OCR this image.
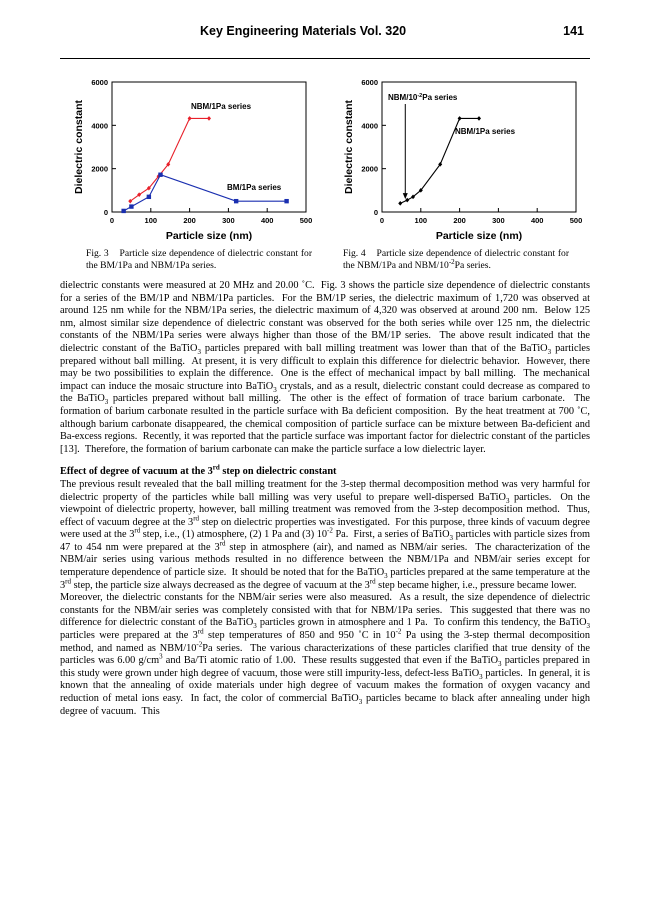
Key Engineering Materials Vol. 320	141
0	100	200	300	400	500
0
2000
4000
6000
Particle size (nm)
Dielectric constant	NBM/1Pa series
BM/1Pa series
Fig. 3 Particle size dependence of dielectric constant for the BM/1Pa and NBM/1Pa series.
0	100	200	300	400	500
0
2000
4000
6000
Particle size (nm)
Dielectric constant	NBM/1Pa series
NBM/$10^{-2}Pa$ series
Fig. 4 Particle size dependence of dielectric constant for the NBM/1Pa and NBM/$10^{-2}Pa$ series.

dielectric constants were measured at 20 MHz and 20.00 ˚C.  Fig. 3 shows the particle size dependence of dielectric constants for a series of the BM/1P and NBM/1Pa particles.  For the BM/1P series, the dielectric maximum of 1,720 was observed at around 125 nm while for the NBM/1Pa series, the dielectric maximum of 4,320 was observed at around 200 nm.  Below 125 nm, almost similar size dependence of dielectric constant was observed for the both series while over 125 nm, the dielectric constants of the NBM/1Pa series were always higher than those of the BM/1P series.  The above result indicated that the dielectric constant of the BaTiO$_3$ particles prepared with ball milling treatment was lower than that of the BaTiO$_3$ particles prepared without ball milling.  At present, it is very difficult to explain this difference for dielectric behavior.  However, there may be two possibilities to explain the difference.  One is the effect of mechanical impact by ball milling.  The mechanical impact can induce the mosaic structure into BaTiO$_3$ crystals, and as a result, dielectric constant could decrease as compared to the BaTiO$_3$ particles prepared without ball milling.  The other is the effect of formation of trace barium carbonate.  The formation of barium carbonate resulted in the particle surface with Ba deficient composition.  By the heat treatment at 700 ˚C, although barium carbonate disappeared, the chemical composition of particle surface can be mixture between Ba-deficient and Ba-excess regions.  Recently, it was reported that the particle surface was important factor for dielectric constant of the particles [13].  Therefore, the formation of barium carbonate can make the particle surface a low dielectric layer.

Effect of degree of vacuum at the 3rd step on dielectric constant

The previous result revealed that the ball milling treatment for the 3-step thermal decomposition method was very harmful for dielectric property of the particles while ball milling was very useful to prepare well-dispersed BaTiO$_3$ particles.  On the viewpoint of dielectric property, however, ball milling treatment was removed from the 3-step decomposition method.  Thus, effect of vacuum degree at the 3rd step on dielectric properties was investigated.  For this purpose, three kinds of vacuum degree were used at the 3rd step, i.e., (1) atmosphere, (2) 1 Pa and (3) $10^{-2}$ Pa.  First, a series of BaTiO$_3$ particles with particle sizes from 47 to 454 nm were prepared at the 3rd step in atmosphere (air), and named as NBM/air series.  The characterization of the NBM/air series using various methods resulted in no difference between the NBM/1Pa and NBM/air series except for temperature dependence of particle size.  It should be noted that for the BaTiO$_3$ particles prepared at the same temperature at the 3rd step, the particle size always decreased as the degree of vacuum at the 3rd step became higher, i.e., pressure became lower.

Moreover, the dielectric constants for the NBM/air series were also measured.  As a result, the size dependence of dielectric constants for the NBM/air series was completely consisted with that for NBM/1Pa series.  This suggested that there was no difference for dielectric constant of the BaTiO$_3$ particles grown in atmosphere and 1 Pa.  To confirm this tendency, the BaTiO$_3$ particles were prepared at the 3rd step temperatures of 850 and 950 ˚C in $10^{-2}$ Pa using the 3-step thermal decomposition method, and named as NBM/$10^{-2}Pa$ series.  The various characterizations of these particles clarified that true density of the particles was 6.00 $g/cm^3$ and Ba/Ti atomic ratio of 1.00.  These results suggested that even if the BaTiO$_3$ particles prepared in this study were grown under high degree of vacuum, those were still impurity-less, defect-less BaTiO$_3$ particles.  In general, it is known that the annealing of oxide materials under high degree of vacuum makes the formation of oxygen vacancy and reduction of metal ions easy.  In fact, the color of commercial BaTiO$_3$ particles became to black after annealing under high degree of vacuum.  This
